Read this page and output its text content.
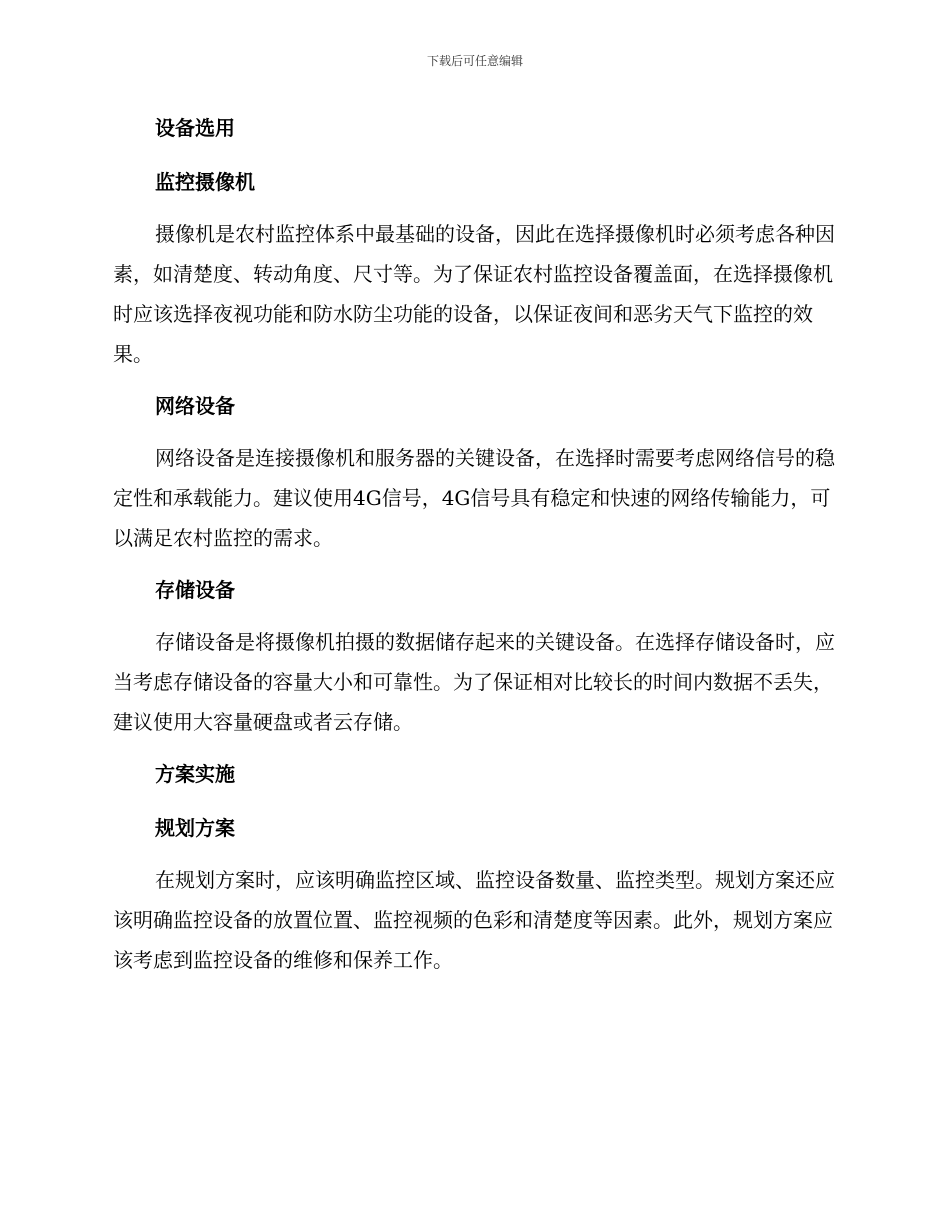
下载后可任意编辑
设备选用
监控摄像机

摄像机是农村监控体系中最基础的设备，因此在选择摄像机时必须考虑各种因素，如清楚度、转动角度、尺寸等。为了保证农村监控设备覆盖面，在选择摄像机时应该选择夜视功能和防水防尘功能的设备，以保证夜间和恶劣天气下监控的效果。

网络设备

网络设备是连接摄像机和服务器的关键设备，在选择时需要考虑网络信号的稳定性和承载能力。建议使用4G信号，4G信号具有稳定和快速的网络传输能力，可以满足农村监控的需求。

存储设备

存储设备是将摄像机拍摄的数据储存起来的关键设备。在选择存储设备时，应当考虑存储设备的容量大小和可靠性。为了保证相对比较长的时间内数据不丢失，建议使用大容量硬盘或者云存储。

方案实施
规划方案

在规划方案时，应该明确监控区域、监控设备数量、监控类型。规划方案还应该明确监控设备的放置位置、监控视频的色彩和清楚度等因素。此外，规划方案应该考虑到监控设备的维修和保养工作。
